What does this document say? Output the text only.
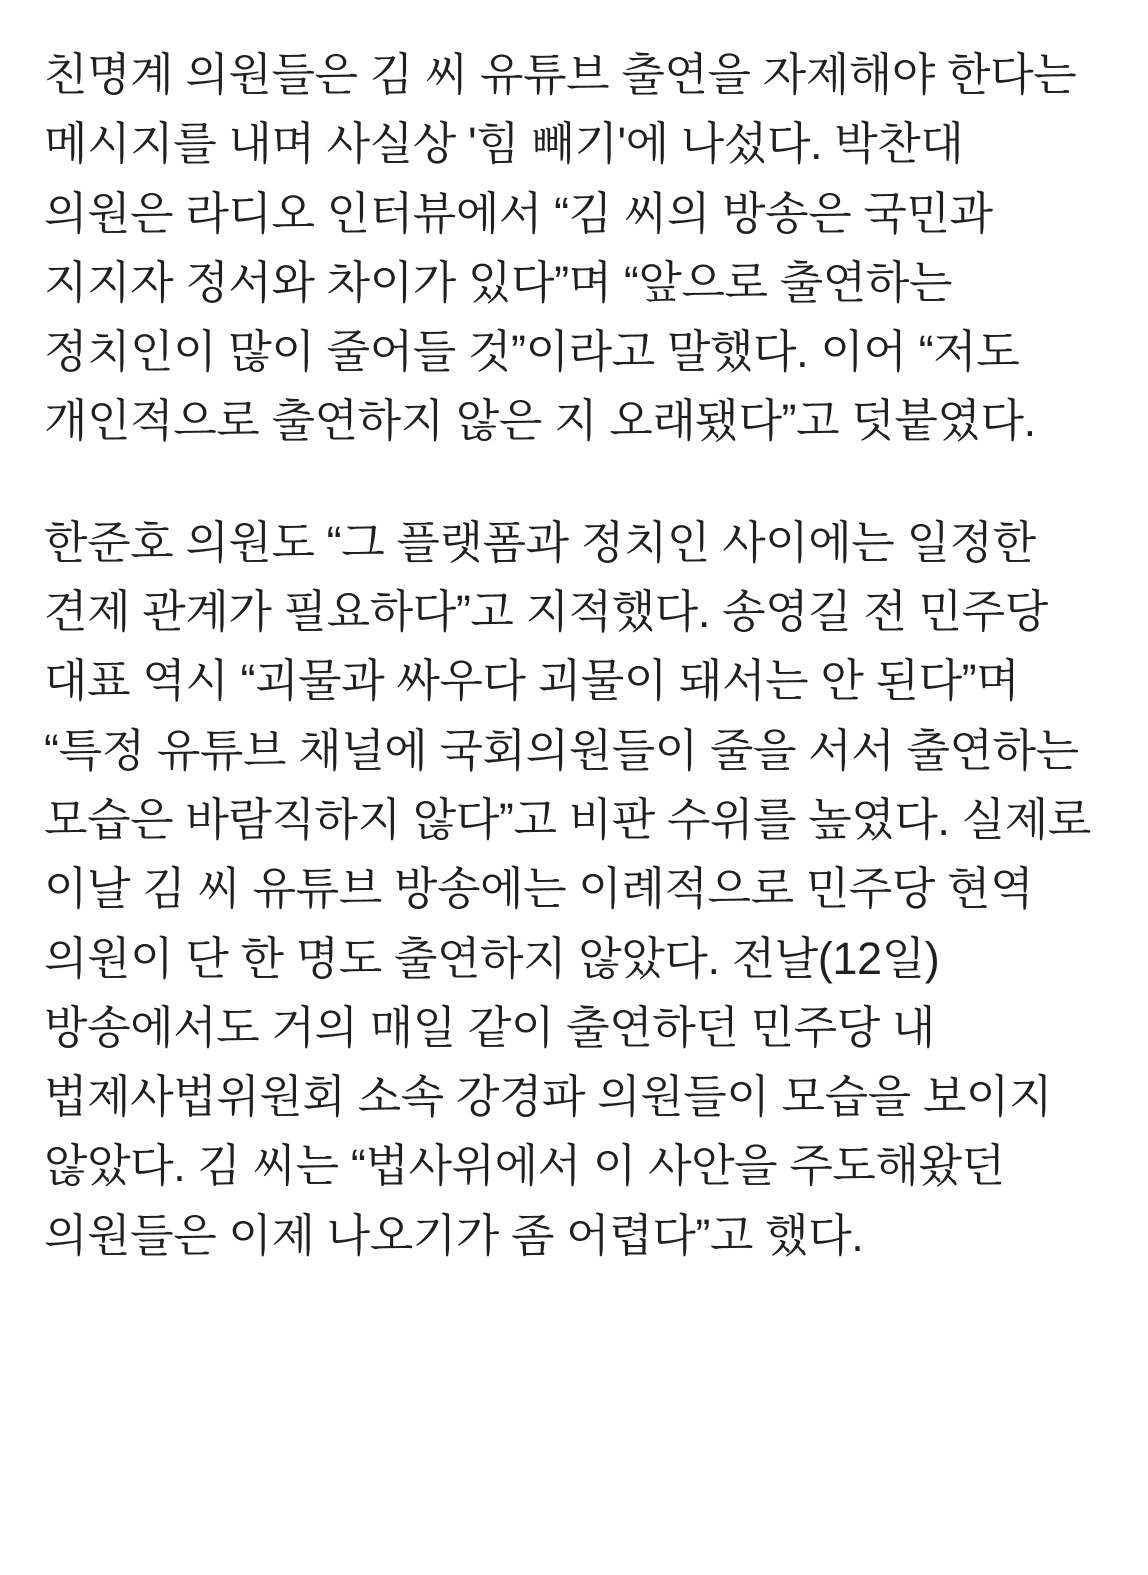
친명계 의원들은 김 씨 유튜브 출연을 자제해야 한다는 메시지를 내며 사실상 '힘 빼기'에 나섰다. 박찬대 의원은 라디오 인터뷰에서 “김 씨의 방송은 국민과 지지자 정서와 차이가 있다”며 “앞으로 출연하는 정치인이 많이 줄어들 것”이라고 말했다. 이어 “저도 개인적으로 출연하지 않은 지 오래됐다”고 덧붙였다.

한준호 의원도 “그 플랫폼과 정치인 사이에는 일정한 견제 관계가 필요하다”고 지적했다. 송영길 전 민주당 대표 역시 “괴물과 싸우다 괴물이 돼서는 안 된다”며 “특정 유튜브 채널에 국회의원들이 줄을 서서 출연하는 모습은 바람직하지 않다”고 비판 수위를 높였다. 실제로 이날 김 씨 유튜브 방송에는 이례적으로 민주당 현역 의원이 단 한 명도 출연하지 않았다. 전날(12일) 방송에서도 거의 매일 같이 출연하던 민주당 내 법제사법위원회 소속 강경파 의원들이 모습을 보이지 않았다. 김 씨는 “법사위에서 이 사안을 주도해왔던 의원들은 이제 나오기가 좀 어렵다”고 했다.
